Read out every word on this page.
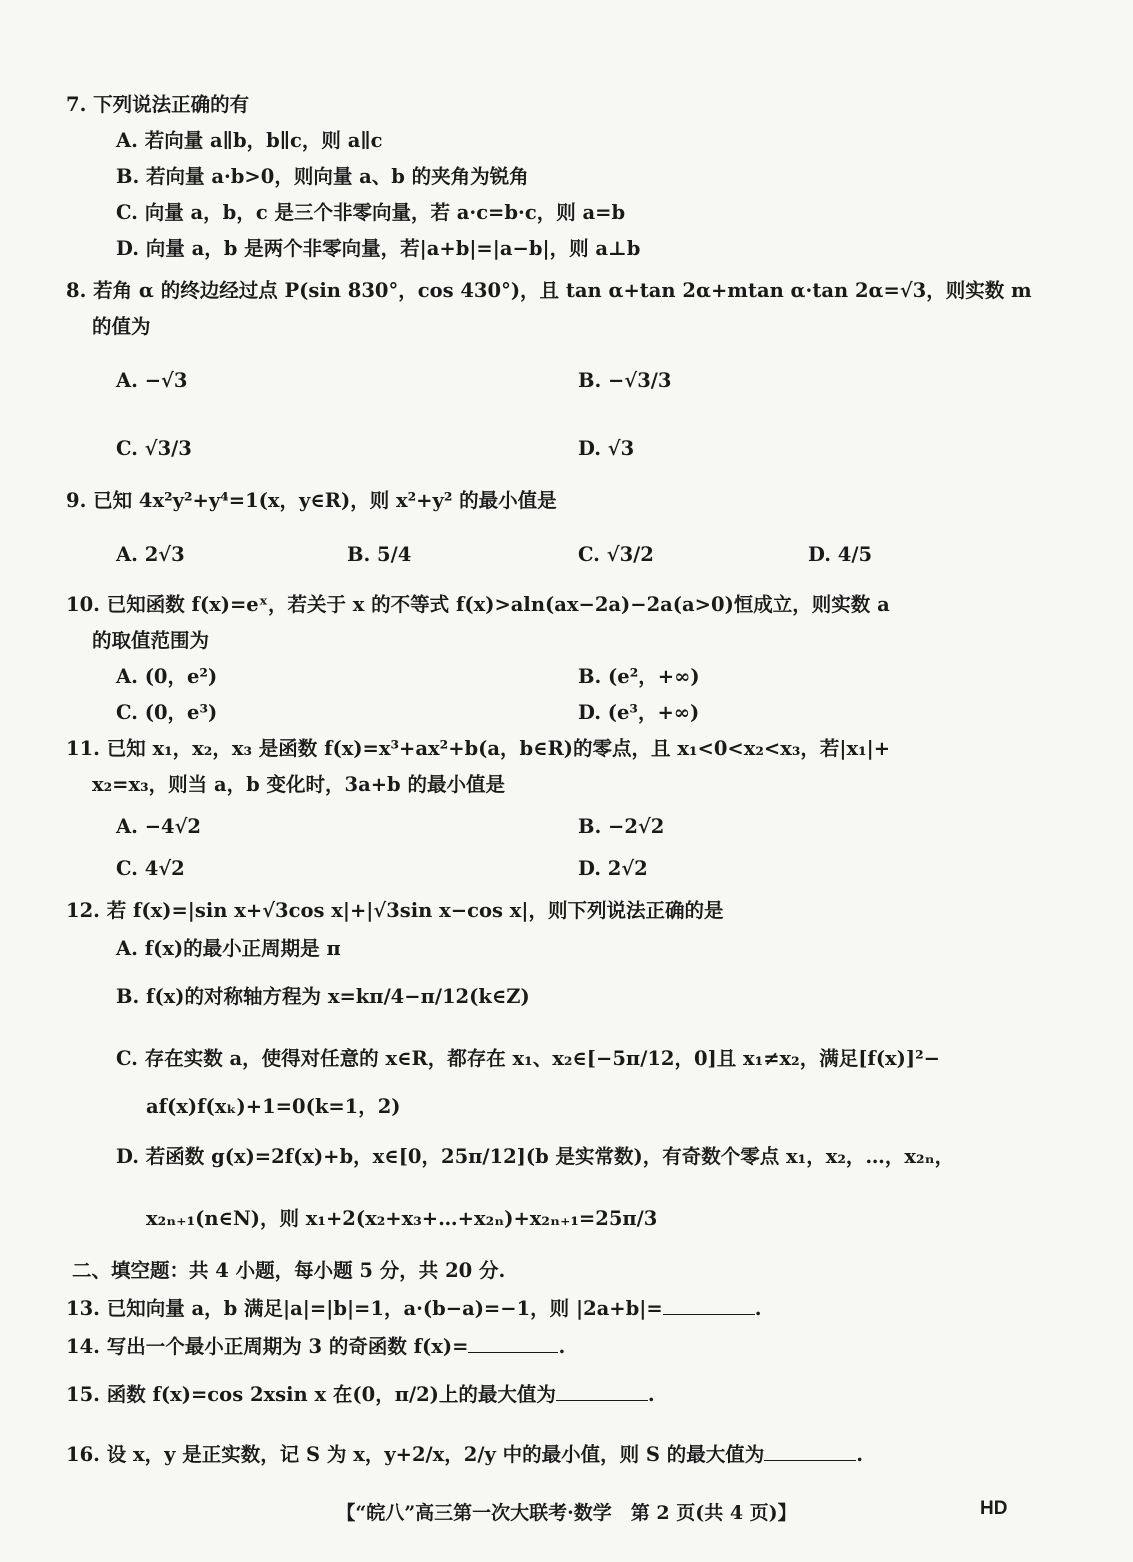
7. 下列说法正确的有
A. 若向量 a∥b，b∥c，则 a∥c
B. 若向量 a·b>0，则向量 a、b 的夹角为锐角
C. 向量 a，b，c 是三个非零向量，若 a·c=b·c，则 a=b
D. 向量 a，b 是两个非零向量，若|a+b|=|a−b|，则 a⊥b
8. 若角 α 的终边经过点 P(sin 830°，cos 430°)，且 tan α+tan 2α+mtan α·tan 2α=√3，则实数 m
的值为
A. −√3	B. −√3/3
C. √3/3	D. √3
9. 已知 4x²y²+y⁴=1(x，y∈R)，则 x²+y² 的最小值是
A. 2√3	B. 5/4	C. √3/2	D. 4/5
10. 已知函数 f(x)=eˣ，若关于 x 的不等式 f(x)>aln(ax−2a)−2a(a>0)恒成立，则实数 a
的取值范围为
A. (0，e²)	B. (e²，+∞)
C. (0，e³)	D. (e³，+∞)
11. 已知 x₁，x₂，x₃ 是函数 f(x)=x³+ax²+b(a，b∈R)的零点，且 x₁<0<x₂<x₃，若|x₁|+
x₂=x₃，则当 a，b 变化时，3a+b 的最小值是
A. −4√2	B. −2√2
C. 4√2	D. 2√2
12. 若 f(x)=|sin x+√3cos x|+|√3sin x−cos x|，则下列说法正确的是
A. f(x)的最小正周期是 π
B. f(x)的对称轴方程为 x=kπ/4−π/12(k∈Z)
C. 存在实数 a，使得对任意的 x∈R，都存在 x₁、x₂∈[−5π/12，0]且 x₁≠x₂，满足[f(x)]²−
af(x)f(xₖ)+1=0(k=1，2)
D. 若函数 g(x)=2f(x)+b，x∈[0，25π/12](b 是实常数)，有奇数个零点 x₁，x₂，…，x₂ₙ，
x₂ₙ₊₁(n∈N)，则 x₁+2(x₂+x₃+…+x₂ₙ)+x₂ₙ₊₁=25π/3
二、填空题：共 4 小题，每小题 5 分，共 20 分.
13. 已知向量 a，b 满足|a|=|b|=1，a·(b−a)=−1，则 |2a+b|=	.
14. 写出一个最小正周期为 3 的奇函数 f(x)=	.
15. 函数 f(x)=cos 2xsin x 在(0，π/2)上的最大值为	.
16. 设 x，y 是正实数，记 S 为 x，y+2/x，2/y 中的最小值，则 S 的最大值为	.
【“皖八”高三第一次大联考·数学　第 2 页(共 4 页)】	HD
